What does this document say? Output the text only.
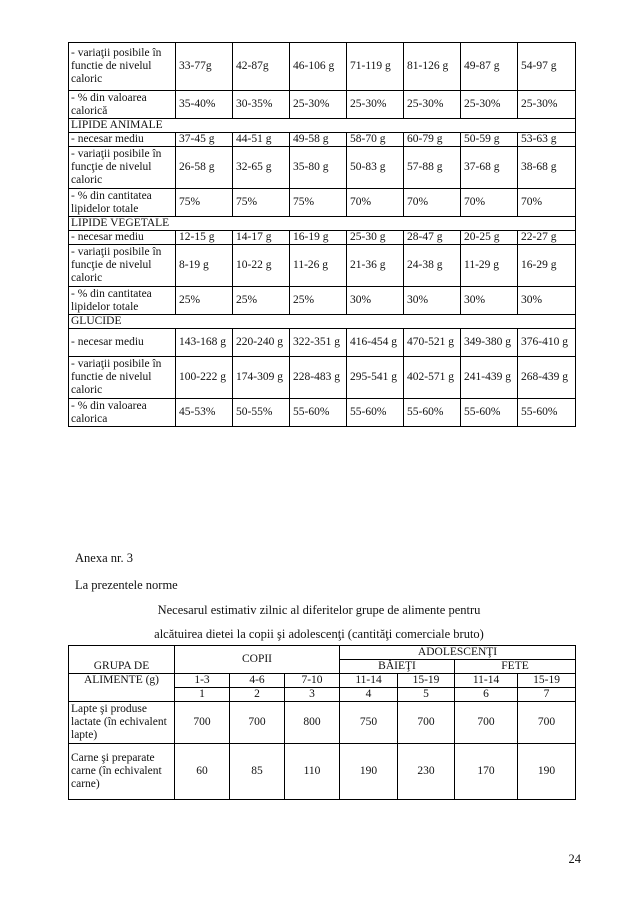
- variaţii posibile în functie de nivelul caloric	33-77g	42-87g	46-106 g	71-119 g	81-126 g	49-87 g	54-97 g
- % din valoarea calorică	35-40%	30-35%	25-30%	25-30%	25-30%	25-30%	25-30%
LIPIDE ANIMALE							
- necesar mediu	37-45 g	44-51 g	49-58 g	58-70 g	60-79 g	50-59 g	53-63 g
- variaţii posibile în funcţie de nivelul caloric	26-58 g	32-65 g	35-80 g	50-83 g	57-88 g	37-68 g	38-68 g
- % din cantitatea lipidelor totale	75%	75%	75%	70%	70%	70%	70%
LIPIDE VEGETALE							
- necesar mediu	12-15 g	14-17 g	16-19 g	25-30 g	28-47 g	20-25 g	22-27 g
- variaţii posibile în funcţie de nivelul caloric	8-19 g	10-22 g	11-26 g	21-36 g	24-38 g	11-29 g	16-29 g
- % din cantitatea lipidelor totale	25%	25%	25%	30%	30%	30%	30%
GLUCIDE							
- necesar mediu	143-168 g	220-240 g	322-351 g	416-454 g	470-521 g	349-380 g	376-410 g
- variaţii posibile în functie de nivelul caloric	100-222 g	174-309 g	228-483 g	295-541 g	402-571 g	241-439 g	268-439 g
- % din valoarea calorica	45-53%	50-55%	55-60%	55-60%	55-60%	55-60%	55-60%
Anexa nr. 3
La prezentele norme
Necesarul estimativ zilnic al diferitelor grupe de alimente pentru
alcătuirea dietei la copii şi adolescenţi (cantităţi comerciale bruto)
GRUPA DE	COPII			ADOLESCENŢI			
				BĂIEŢI		FETE	
ALIMENTE (g)	1-3	4-6	7-10	11-14	15-19	11-14	15-19
	1	2	3	4	5	6	7
Lapte şi produse lactate (în echivalent lapte)	700	700	800	750	700	700	700
Carne şi preparate carne (în echivalent carne)	60	85	110	190	230	170	190
24
